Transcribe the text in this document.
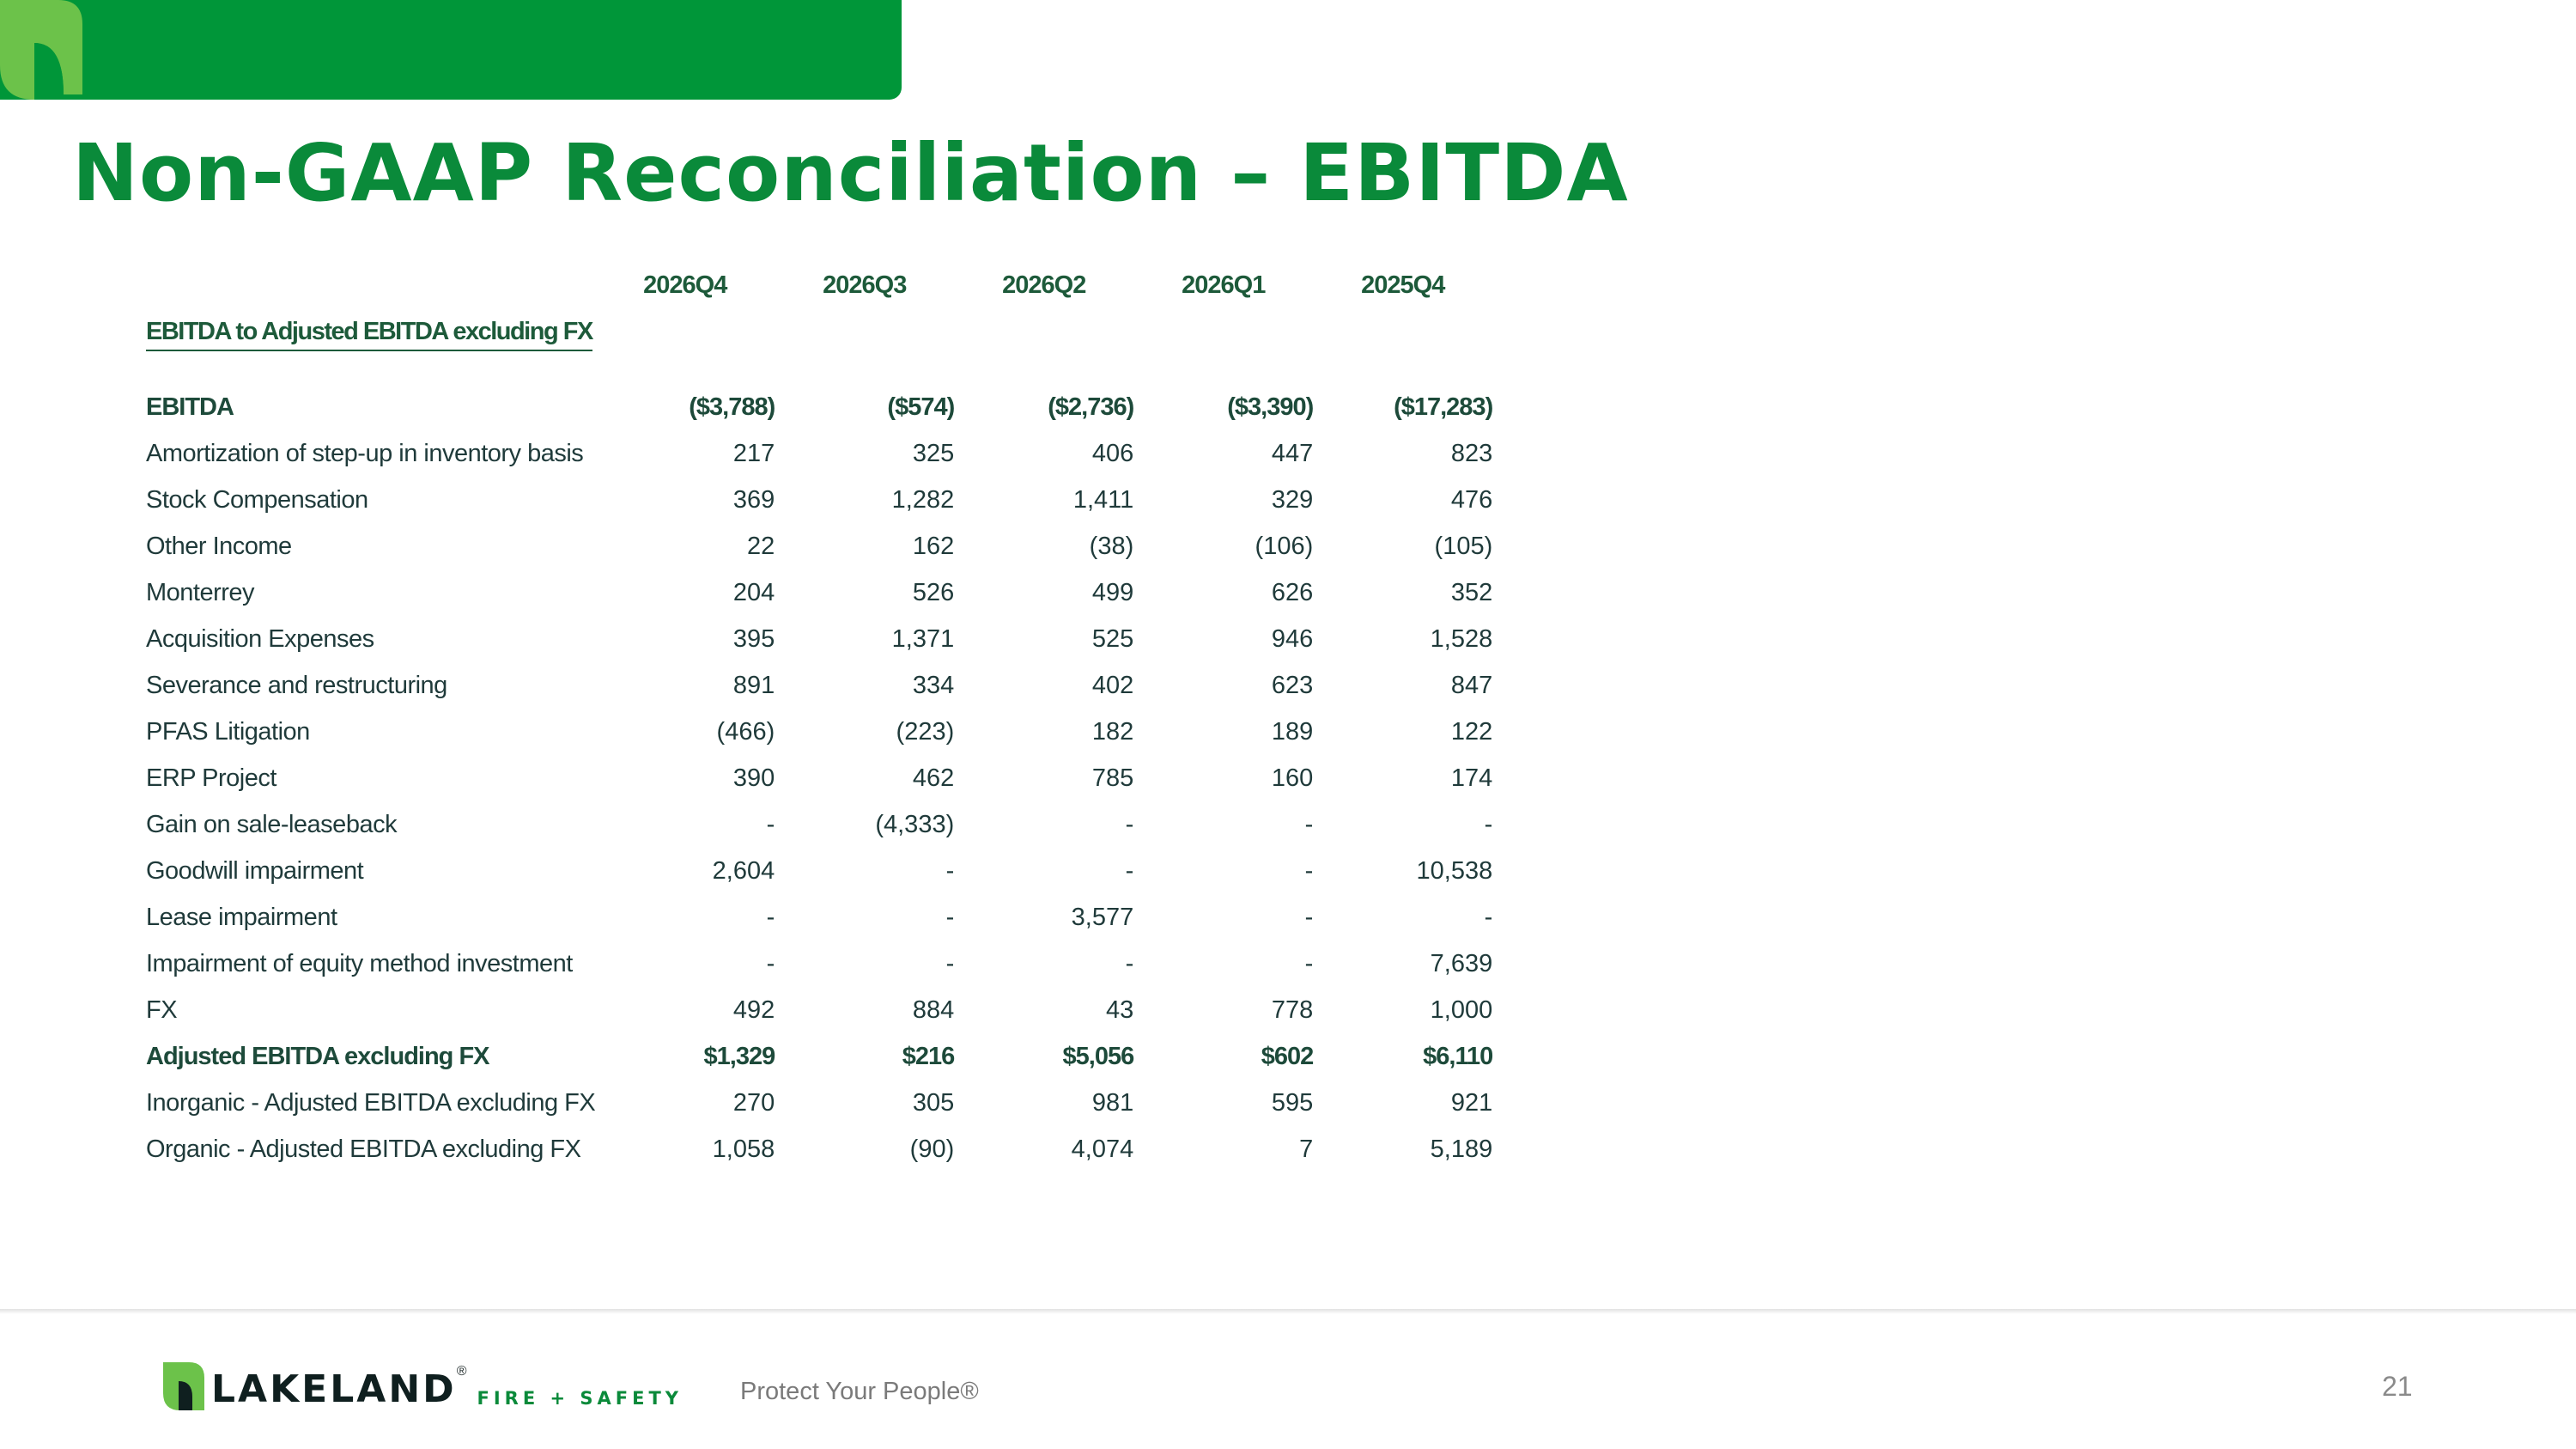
Non-GAAP Reconciliation – EBITDA
	2026Q4	2026Q3	2026Q2	2026Q1	2025Q4
EBITDA to Adjusted EBITDA excluding FX					

EBITDA	($3,788)	($574)	($2,736)	($3,390)	($17,283)
Amortization of step-up in inventory basis	217	325	406	447	823
Stock Compensation	369	1,282	1,411	329	476
Other Income	22	162	(38)	(106)	(105)
Monterrey	204	526	499	626	352
Acquisition Expenses	395	1,371	525	946	1,528
Severance and restructuring	891	334	402	623	847
PFAS Litigation	(466)	(223)	182	189	122
ERP Project	390	462	785	160	174
Gain on sale-leaseback	-	(4,333)	-	-	-
Goodwill impairment	2,604	-	-	-	10,538
Lease impairment	-	-	3,577	-	-
Impairment of equity method investment	-	-	-	-	7,639
FX	492	884	43	778	1,000
Adjusted EBITDA excluding FX	$1,329	$216	$5,056	$602	$6,110
Inorganic - Adjusted EBITDA excluding FX	270	305	981	595	921
Organic - Adjusted EBITDA excluding FX	1,058	(90)	4,074	7	5,189
LAKELAND ®
FIRE + SAFETY Protect Your People®	21
